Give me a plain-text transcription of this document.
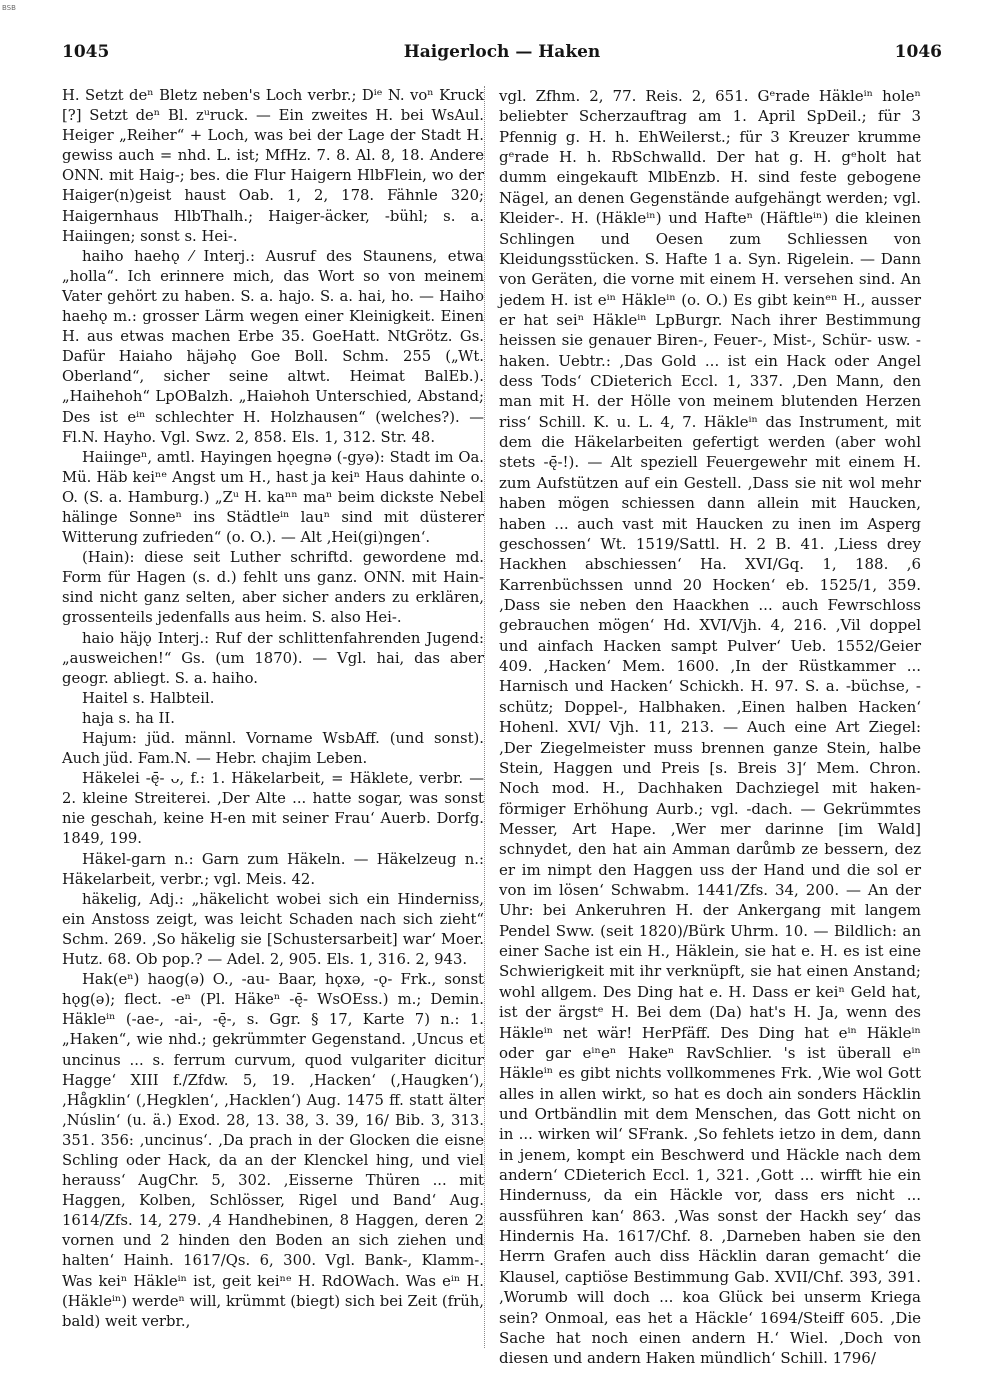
BSB
1045	Haigerloch — Haken	1046

H. Setzt deⁿ Bletz neben's Loch verbr.; Dⁱᵉ N. voⁿ Kruck [?] Setzt deⁿ Bl. zᵘruck. — Ein zweites H. bei WsAul. Heiger „Reiher“ + Loch, was bei der Lage der Stadt H. gewiss auch = nhd. L. ist; MfHz. 7. 8. Al. 8, 18. Andere ONN. mit Haig-; bes. die Flur Haigern HlbFlein, wo der Haiger(n)geist haust Oab. 1, 2, 178. Fähnle 320; Haigernhaus HlbThalh.; Haiger-äcker, -bühl; s. a. Haiingen; sonst s. Hei-.

haiho haehǫ ⁄ Interj.: Ausruf des Staunens, etwa „holla“. Ich erinnere mich, das Wort so von meinem Vater gehört zu haben. S. a. hajo. S. a. hai, ho. — Haiho haehǫ m.: grosser Lärm wegen einer Kleinigkeit. Einen H. aus etwas machen Erbe 35. GoeHatt. NtGrötz. Gs. Dafür Haiaho häjəhǫ Goe Boll. Schm. 255 („Wt. Oberland“, sicher seine altwt. Heimat BalEb.). „Haihehoh“ LpOBalzh. „Haiəhoh Unterschied, Abstand; Des ist eⁱⁿ schlechter H. Holzhausen“ (welches?). — Fl.N. Hayho. Vgl. Swz. 2, 858. Els. 1, 312. Str. 48.

Haiingeⁿ, amtl. Hayingen hǫegnə (-gyə): Stadt im Oa. Mü. Häb keiⁿᵉ Angst um H., hast ja keiⁿ Haus dahinte o. O. (S. a. Hamburg.) „Zᵘ H. kaⁿⁿ maⁿ beim dickste Nebel hälinge Sonneⁿ ins Städtleⁱⁿ lauⁿ sind mit düsterer Witterung zufrieden“ (o. O.). — Alt ‚Hei(gi)ngen‘.

(Hain): diese seit Luther schriftd. gewordene md. Form für Hagen (s. d.) fehlt uns ganz. ONN. mit Hain- sind nicht ganz selten, aber sicher anders zu erklären, grossenteils jedenfalls aus heim. S. also Hei-.

haio häjǫ Interj.: Ruf der schlittenfahrenden Jugend: „ausweichen!“ Gs. (um 1870). — Vgl. hai, das aber geogr. abliegt. S. a. haiho.

Haitel s. Halbteil.

haja s. ha II.

Hajum: jüd. männl. Vorname WsbAff. (und sonst). Auch jüd. Fam.N. — Hebr. chajim Leben.

Häkelei -ę̄- ᴗ, f.: 1. Häkelarbeit, = Häklete, verbr. — 2. kleine Streiterei. ‚Der Alte ... hatte sogar, was sonst nie geschah, keine H-en mit seiner Frau‘ Auerb. Dorfg. 1849, 199.

Häkel-garn n.: Garn zum Häkeln. — Häkelzeug n.: Häkelarbeit, verbr.; vgl. Meis. 42.

häkelig, Adj.: „häkelicht wobei sich ein Hinderniss, ein Anstoss zeigt, was leicht Schaden nach sich zieht“ Schm. 269. ‚So häkelig sie [Schustersarbeit] war‘ Moer. Hutz. 68. Ob pop.? — Adel. 2, 905. Els. 1, 316. 2, 943.

Hak(eⁿ) haog(ə) O., -au- Baar, hǫxə, -ǫ- Frk., sonst hǫg(ə); flect. -eⁿ (Pl. Häkeⁿ -ę̄- WsOEss.) m.; Demin. Häkleⁱⁿ (-ae-, -ai-, -ę̄-, s. Ggr. § 17, Karte 7) n.: 1. „Haken“, wie nhd.; gekrümmter Gegenstand. ‚Uncus et uncinus ... s. ferrum curvum, quod vulgariter dicitur Hagge‘ XIII f./Zfdw. 5, 19. ‚Hacken‘ (‚Haugken‘), ‚Hågklin‘ (‚Hegklen‘, ‚Hacklen‘) Aug. 1475 ff. statt älter ‚Núslin‘ (u. ä.) Exod. 28, 13. 38, 3. 39, 16/ Bib. 3, 313. 351. 356: ‚uncinus‘. ‚Da prach in der Glocken die eisne Schling oder Hack, da an der Klenckel hing, und viel herauss‘ AugChr. 5, 302. ‚Eisserne Thüren ... mit Haggen, Kolben, Schlösser, Rigel und Band‘ Aug. 1614/Zfs. 14, 279. ‚4 Handhebinen, 8 Haggen, deren 2 vornen und 2 hinden den Boden an sich ziehen und halten‘ Hainh. 1617/Qs. 6, 300. Vgl. Bank-, Klamm-. Was keiⁿ Häkleⁱⁿ ist, geit keiⁿᵉ H. RdOWach. Was eⁱⁿ H. (Häkleⁱⁿ) werdeⁿ will, krümmt (biegt) sich bei Zeit (früh, bald) weit verbr.,

vgl. Zfhm. 2, 77. Reis. 2, 651. Gᵉrade Häkleⁱⁿ holeⁿ beliebter Scherzauftrag am 1. April SpDeil.; für 3 Pfennig g. H. h. EhWeilerst.; für 3 Kreuzer krumme gᵉrade H. h. RbSchwalld. Der hat g. H. gᵉholt hat dumm eingekauft MlbEnzb. H. sind feste gebogene Nägel, an denen Gegenstände aufgehängt werden; vgl. Kleider-. H. (Häkleⁱⁿ) und Hafteⁿ (Häftleⁱⁿ) die kleinen Schlingen und Oesen zum Schliessen von Kleidungsstücken. S. Hafte 1 a. Syn. Rigelein. — Dann von Geräten, die vorne mit einem H. versehen sind. An jedem H. ist eⁱⁿ Häkleⁱⁿ (o. O.) Es gibt keinᵉⁿ H., ausser er hat seiⁿ Häkleⁱⁿ LpBurgr. Nach ihrer Bestimmung heissen sie genauer Biren-, Feuer-, Mist-, Schür- usw. -haken. Uebtr.: ‚Das Gold ... ist ein Hack oder Angel dess Tods‘ CDieterich Eccl. 1, 337. ‚Den Mann, den man mit H. der Hölle von meinem blutenden Herzen riss‘ Schill. K. u. L. 4, 7. Häkleⁱⁿ das Instrument, mit dem die Häkelarbeiten gefertigt werden (aber wohl stets -ę̄-!). — Alt speziell Feuergewehr mit einem H. zum Aufstützen auf ein Gestell. ‚Dass sie nit wol mehr haben mögen schiessen dann allein mit Haucken, haben ... auch vast mit Haucken zu inen im Asperg geschossen‘ Wt. 1519/Sattl. H. 2 B. 41. ‚Liess drey Hackhen abschiessen‘ Ha. XVI/Gq. 1, 188. ‚6 Karrenbüchssen unnd 20 Hocken‘ eb. 1525/1, 359. ‚Dass sie neben den Haackhen ... auch Fewrschloss gebrauchen mögen‘ Hd. XVI/Vjh. 4, 216. ‚Vil doppel und ainfach Hacken sampt Pulver‘ Ueb. 1552/Geier 409. ‚Hacken‘ Mem. 1600. ‚In der Rüstkammer ... Harnisch und Hacken‘ Schickh. H. 97. S. a. -büchse, -schütz; Doppel-, Halbhaken. ‚Einen halben Hacken‘ Hohenl. XVI/ Vjh. 11, 213. — Auch eine Art Ziegel: ‚Der Ziegelmeister muss brennen ganze Stein, halbe Stein, Haggen und Preis [s. Breis 3]‘ Mem. Chron. Noch mod. H., Dachhaken Dachziegel mit haken-förmiger Erhöhung Aurb.; vgl. -dach. — Gekrümmtes Messer, Art Hape. ‚Wer mer darinne [im Wald] schnydet, den hat ain Amman darůmb ze bessern, dez er im nimpt den Haggen uss der Hand und die sol er von im lösen‘ Schwabm. 1441/Zfs. 34, 200. — An der Uhr: bei Ankeruhren H. der Ankergang mit langem Pendel Sww. (seit 1820)/Bürk Uhrm. 10. — Bildlich: an einer Sache ist ein H., Häklein, sie hat e. H. es ist eine Schwierigkeit mit ihr verknüpft, sie hat einen Anstand; wohl allgem. Des Ding hat e. H. Dass er keiⁿ Geld hat, ist der ärgstᵉ H. Bei dem (Da) hat's H. Ja, wenn des Häkleⁱⁿ net wär! HerPfäff. Des Ding hat eⁱⁿ Häkleⁱⁿ oder gar eⁱⁿeⁿ Hakeⁿ RavSchlier. 's ist überall eⁱⁿ Häkleⁱⁿ es gibt nichts vollkommenes Frk. ‚Wie wol Gott alles in allen wirkt, so hat es doch ain sonders Häcklin und Ortbändlin mit dem Menschen, das Gott nicht on in ... wirken wil‘ SFrank. ‚So fehlets ietzo in dem, dann in jenem, kompt ein Beschwerd und Häckle nach dem andern‘ CDieterich Eccl. 1, 321. ‚Gott ... wirfft hie ein Hindernuss, da ein Häckle vor, dass ers nicht ... aussführen kan‘ 863. ‚Was sonst der Hackh sey‘ das Hindernis Ha. 1617/Chf. 8. ‚Darneben haben sie den Herrn Grafen auch diss Häcklin daran gemacht‘ die Klausel, captiöse Bestimmung Gab. XVII/Chf. 393, 391. ‚Worumb will doch ... koa Glück bei unserm Kriega sein? Onmoal, eas het a Häckle‘ 1694/Steiff 605. ‚Die Sache hat noch einen andern H.‘ Wiel. ‚Doch von diesen und andern Haken mündlich‘ Schill. 1796/
